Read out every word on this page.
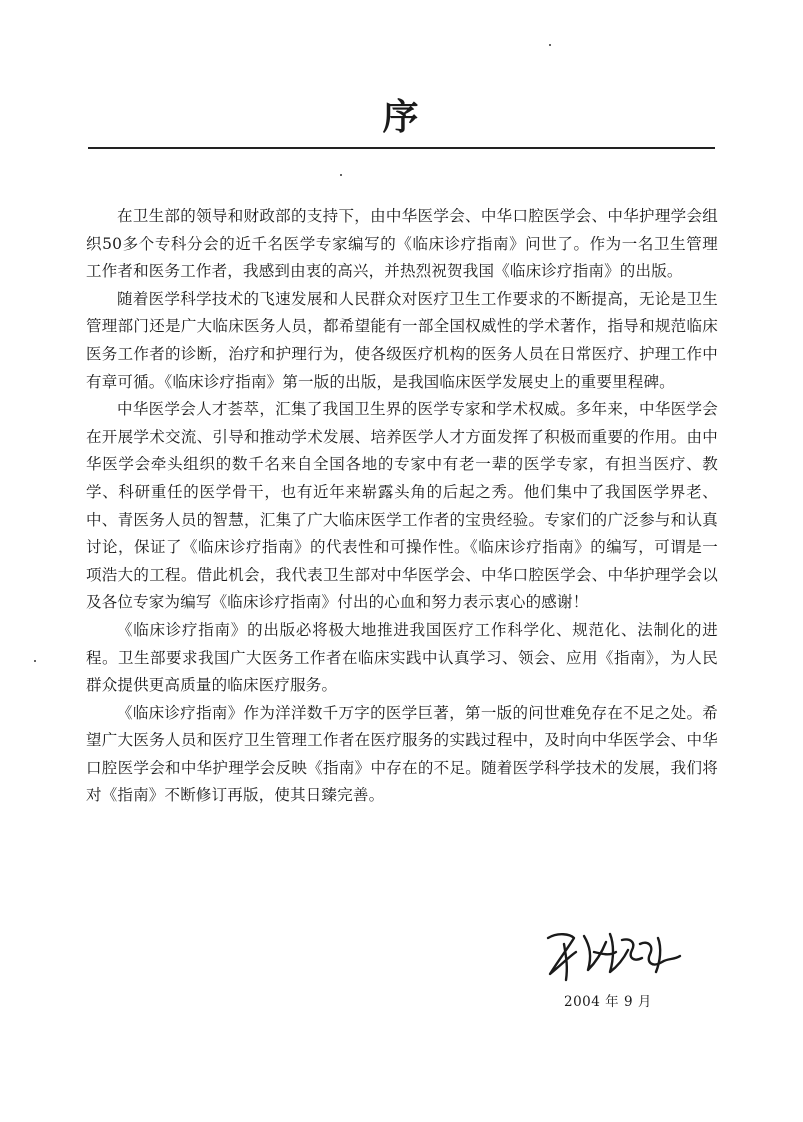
序

在卫生部的领导和财政部的支持下，由中华医学会、中华口腔医学会、中华护理学会组织50多个专科分会的近千名医学专家编写的《临床诊疗指南》问世了。作为一名卫生管理工作者和医务工作者，我感到由衷的高兴，并热烈祝贺我国《临床诊疗指南》的出版。

随着医学科学技术的飞速发展和人民群众对医疗卫生工作要求的不断提高，无论是卫生管理部门还是广大临床医务人员，都希望能有一部全国权威性的学术著作，指导和规范临床医务工作者的诊断，治疗和护理行为，使各级医疗机构的医务人员在日常医疗、护理工作中有章可循。《临床诊疗指南》第一版的出版，是我国临床医学发展史上的重要里程碑。

中华医学会人才荟萃，汇集了我国卫生界的医学专家和学术权威。多年来，中华医学会在开展学术交流、引导和推动学术发展、培养医学人才方面发挥了积极而重要的作用。由中华医学会牵头组织的数千名来自全国各地的专家中有老一辈的医学专家，有担当医疗、教学、科研重任的医学骨干，也有近年来崭露头角的后起之秀。他们集中了我国医学界老、中、青医务人员的智慧，汇集了广大临床医学工作者的宝贵经验。专家们的广泛参与和认真讨论，保证了《临床诊疗指南》的代表性和可操作性。《临床诊疗指南》的编写，可谓是一项浩大的工程。借此机会，我代表卫生部对中华医学会、中华口腔医学会、中华护理学会以及各位专家为编写《临床诊疗指南》付出的心血和努力表示衷心的感谢！

《临床诊疗指南》的出版必将极大地推进我国医疗工作科学化、规范化、法制化的进程。卫生部要求我国广大医务工作者在临床实践中认真学习、领会、应用《指南》，为人民群众提供更高质量的临床医疗服务。

《临床诊疗指南》作为洋洋数千万字的医学巨著，第一版的问世难免存在不足之处。希望广大医务人员和医疗卫生管理工作者在医疗服务的实践过程中，及时向中华医学会、中华口腔医学会和中华护理学会反映《指南》中存在的不足。随着医学科学技术的发展，我们将对《指南》不断修订再版，使其日臻完善。

2004 年 9 月
